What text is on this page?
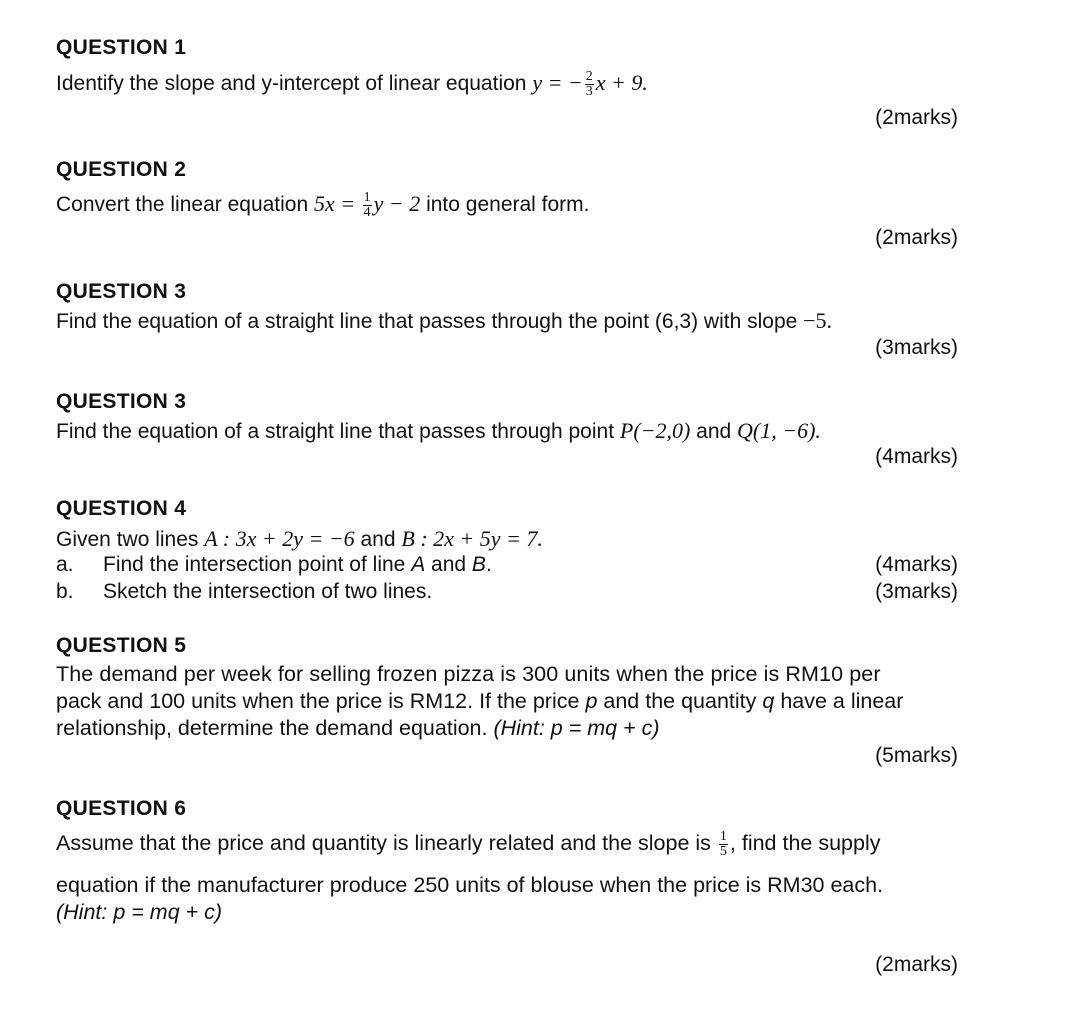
QUESTION 1
Identify the slope and y-intercept of linear equation y = − $\frac{2}{3}$ x + 9.
(2marks)
QUESTION 2
Convert the linear equation $5x = \frac{1}{4}$ y − 2 into general form.
(2marks)
QUESTION 3
Find the equation of a straight line that passes through the point (6,3) with slope −5.
(3marks)
QUESTION 3
Find the equation of a straight line that passes through point P(−2,0) and Q(1, −6).
(4marks)
QUESTION 4
Given two lines A : 3x + 2y = −6 and B : 2x + 5y = 7.
a. Find the intersection point of line A and B.	(4marks)
b. Sketch the intersection of two lines.	(3marks)
QUESTION 5
The demand per week for selling frozen pizza is 300 units when the price is RM10 per
pack and 100 units when the price is RM12. If the price p and the quantity q have a linear
relationship, determine the demand equation. (Hint: p = mq + c)
(5marks)
QUESTION 6
Assume that the price and quantity is linearly related and the slope is $\frac{1}{5}$ , find the supply
equation if the manufacturer produce 250 units of blouse when the price is RM30 each.
(Hint: p = mq + c)
(2marks)
